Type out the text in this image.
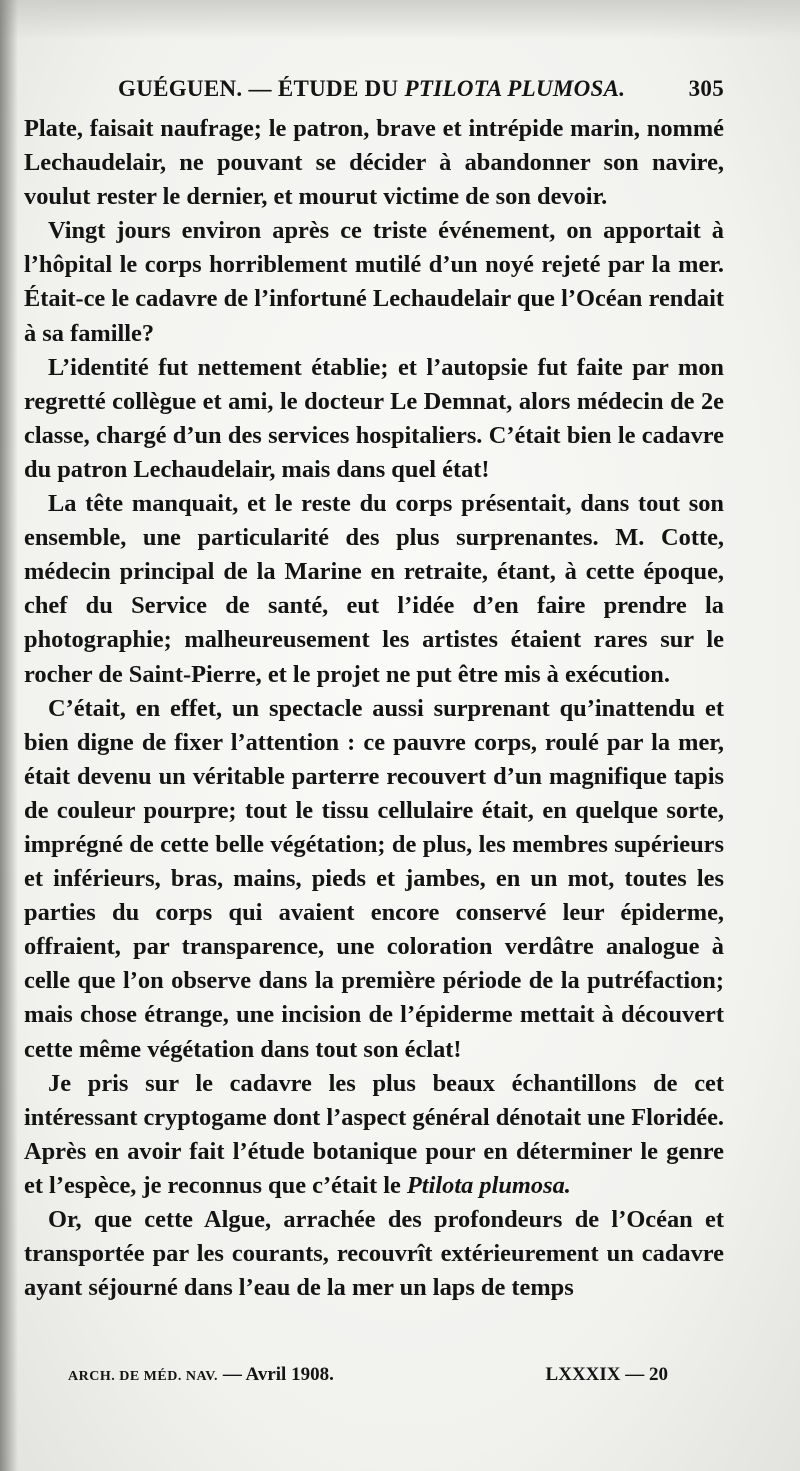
GUÉGUEN. — ÉTUDE DU PTILOTA PLUMOSA.	305

Plate, faisait naufrage; le patron, brave et intrépide marin, nommé Lechaudelair, ne pouvant se décider à abandonner son navire, voulut rester le dernier, et mourut victime de son devoir.

Vingt jours environ après ce triste événement, on apportait à l’hôpital le corps horriblement mutilé d’un noyé rejeté par la mer. Était-ce le cadavre de l’infortuné Lechaudelair que l’Océan rendait à sa famille?

L’identité fut nettement établie; et l’autopsie fut faite par mon regretté collègue et ami, le docteur Le Demnat, alors médecin de 2e classe, chargé d’un des services hospitaliers. C’était bien le cadavre du patron Lechaudelair, mais dans quel état!

La tête manquait, et le reste du corps présentait, dans tout son ensemble, une particularité des plus surprenantes. M. Cotte, médecin principal de la Marine en retraite, étant, à cette époque, chef du Service de santé, eut l’idée d’en faire prendre la photographie; malheureusement les artistes étaient rares sur le rocher de Saint-Pierre, et le projet ne put être mis à exécution.

C’était, en effet, un spectacle aussi surprenant qu’inattendu et bien digne de fixer l’attention : ce pauvre corps, roulé par la mer, était devenu un véritable parterre recouvert d’un magnifique tapis de couleur pourpre; tout le tissu cellulaire était, en quelque sorte, imprégné de cette belle végétation; de plus, les membres supérieurs et inférieurs, bras, mains, pieds et jambes, en un mot, toutes les parties du corps qui avaient encore conservé leur épiderme, offraient, par transparence, une coloration verdâtre analogue à celle que l’on observe dans la première période de la putréfaction; mais chose étrange, une incision de l’épiderme mettait à découvert cette même végétation dans tout son éclat!

Je pris sur le cadavre les plus beaux échantillons de cet intéressant cryptogame dont l’aspect général dénotait une Floridée. Après en avoir fait l’étude botanique pour en déterminer le genre et l’espèce, je reconnus que c’était le Ptilota plumosa.

Or, que cette Algue, arrachée des profondeurs de l’Océan et transportée par les courants, recouvrît extérieurement un cadavre ayant séjourné dans l’eau de la mer un laps de temps

ARCH. DE MÉD. NAV. — Avril 1908.	LXXXIX — 20
